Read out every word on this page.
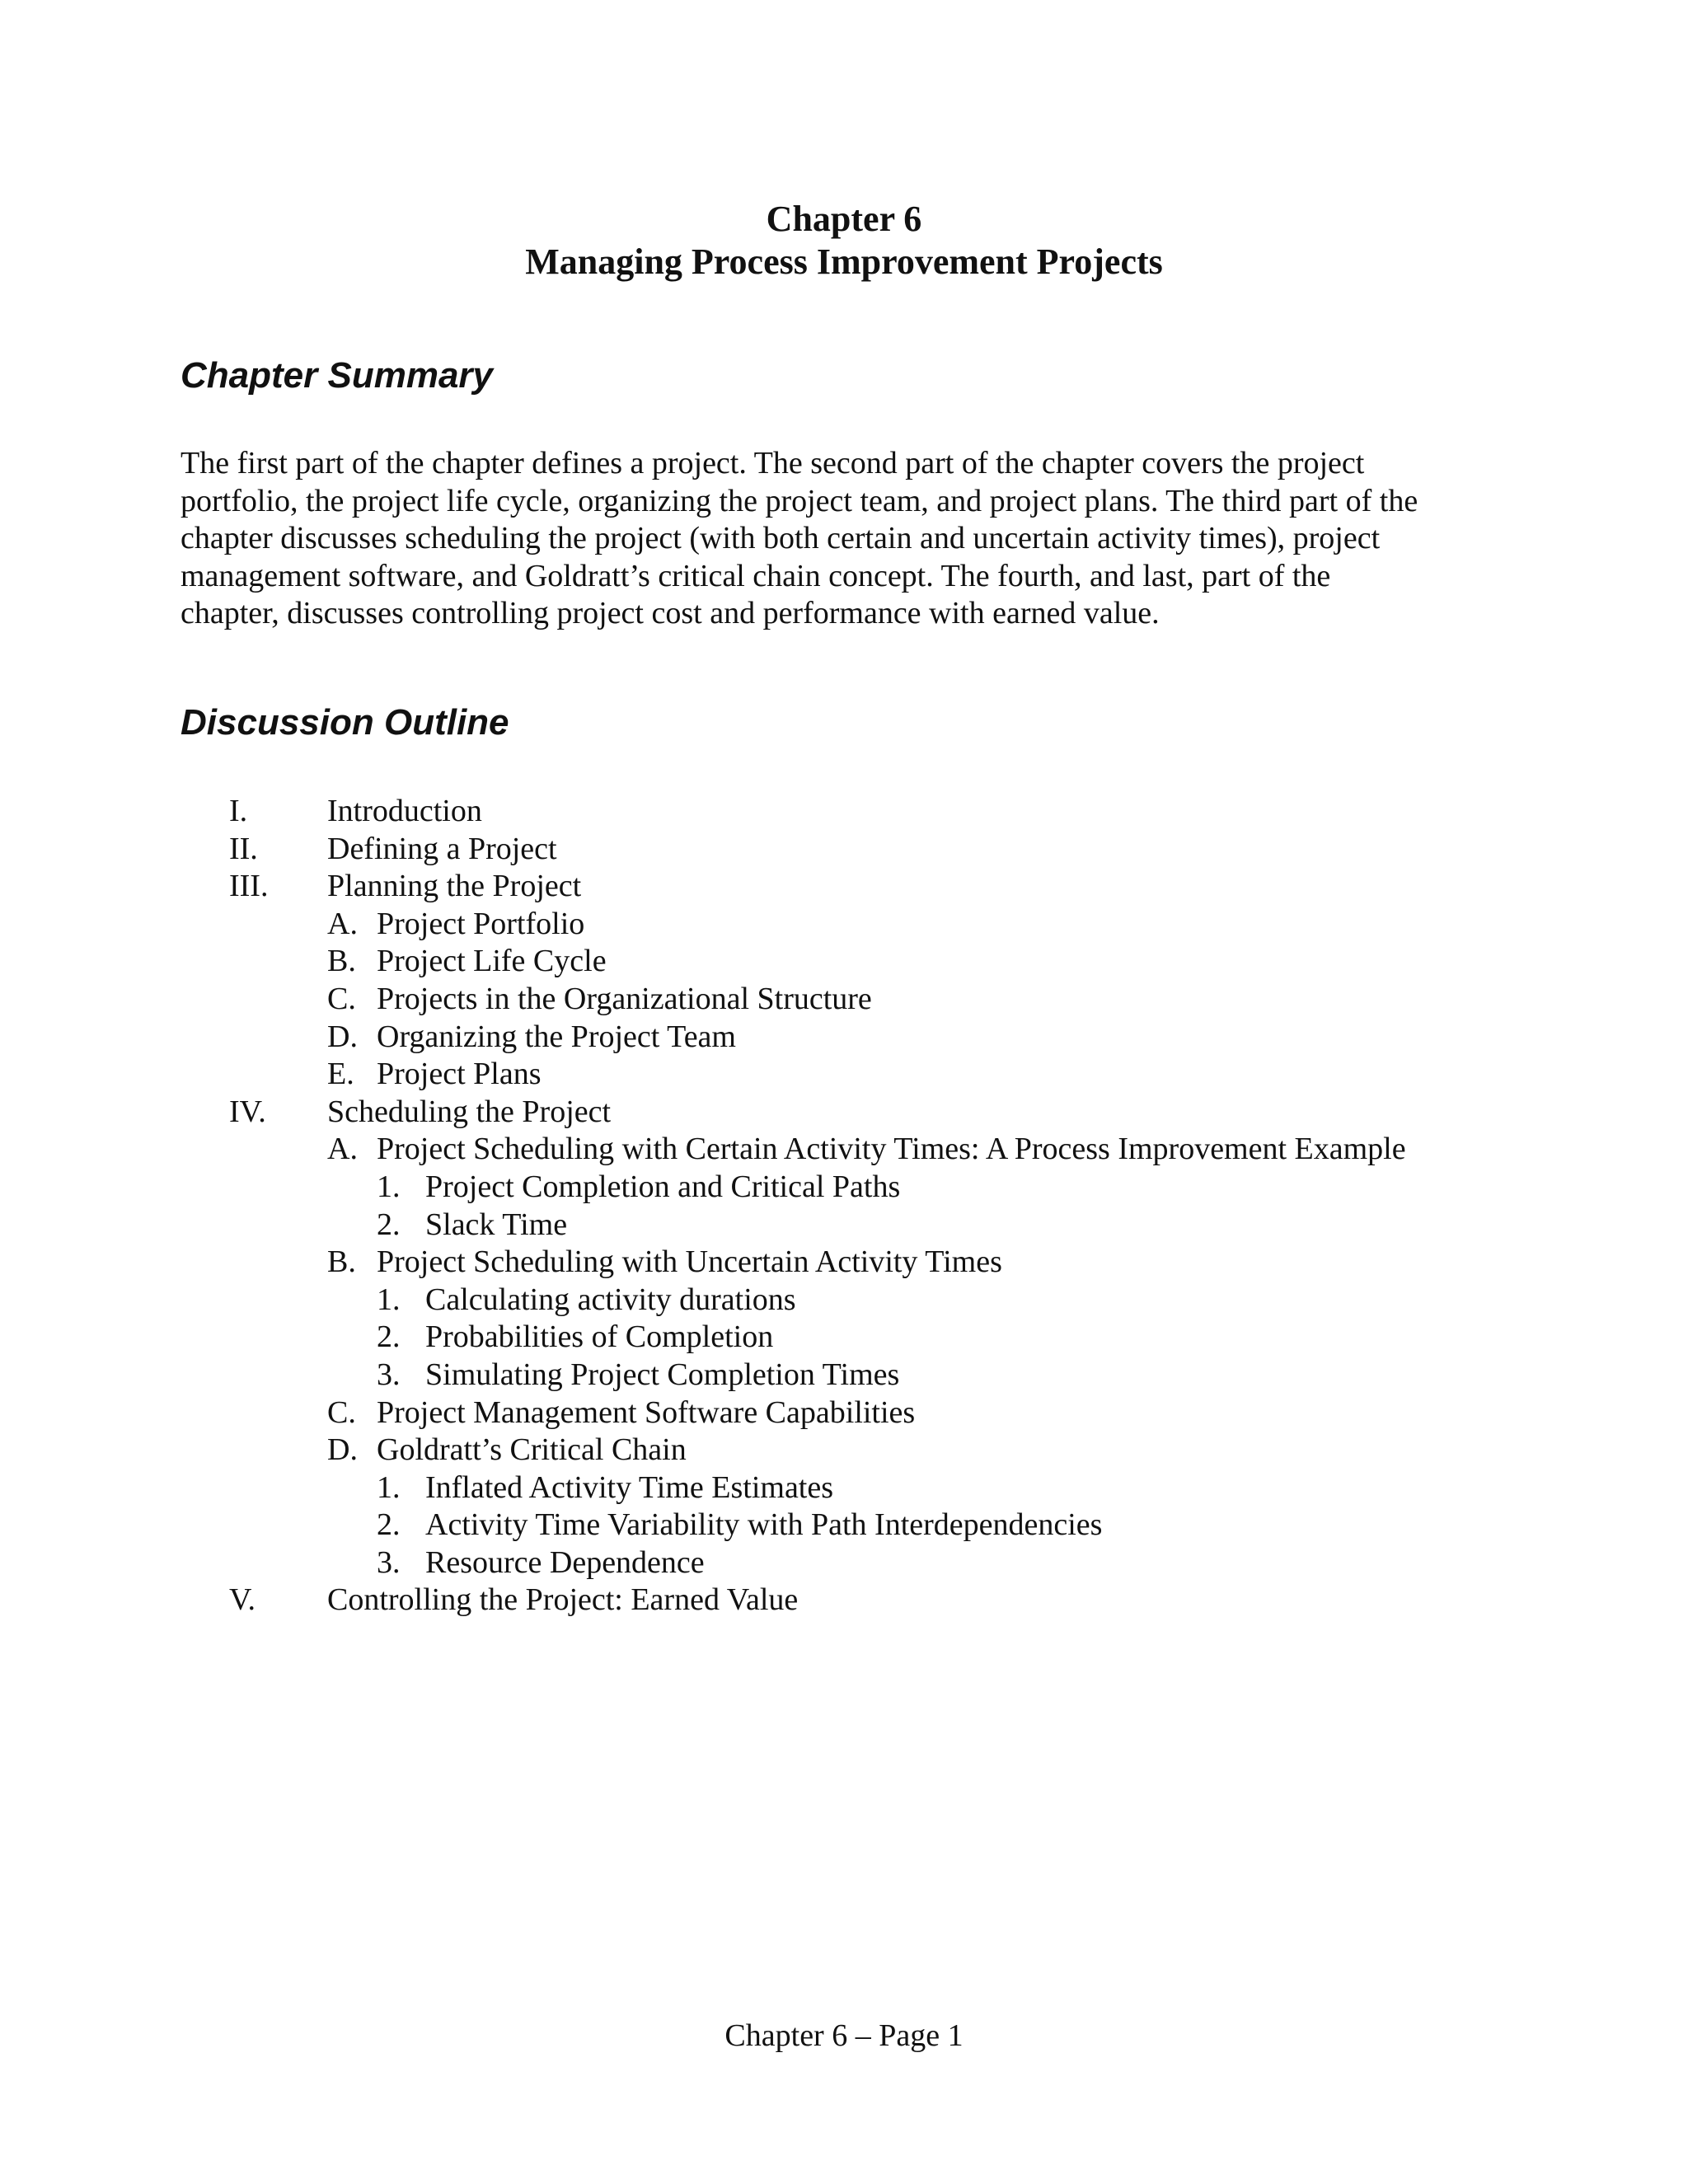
Chapter 6
Managing Process Improvement Projects
Chapter Summary

The first part of the chapter defines a project. The second part of the chapter covers the project
portfolio, the project life cycle, organizing the project team, and project plans. The third part of the
chapter discusses scheduling the project (with both certain and uncertain activity times), project
management software, and Goldratt’s critical chain concept. The fourth, and last, part of the
chapter, discusses controlling project cost and performance with earned value.

Discussion Outline
I.	Introduction
II. Defining a Project
III. Planning the Project
A. Project Portfolio
B. Project Life Cycle
C. Projects in the Organizational Structure
D. Organizing the Project Team
E. Project Plans
IV. Scheduling the Project
A. Project Scheduling with Certain Activity Times: A Process Improvement Example
1. Project Completion and Critical Paths
2. Slack Time
B. Project Scheduling with Uncertain Activity Times
1. Calculating activity durations
2. Probabilities of Completion
3. Simulating Project Completion Times
C. Project Management Software Capabilities
D. Goldratt’s Critical Chain
1. Inflated Activity Time Estimates
2. Activity Time Variability with Path Interdependencies
3. Resource Dependence
V. Controlling the Project: Earned Value
Chapter 6 – Page 1
